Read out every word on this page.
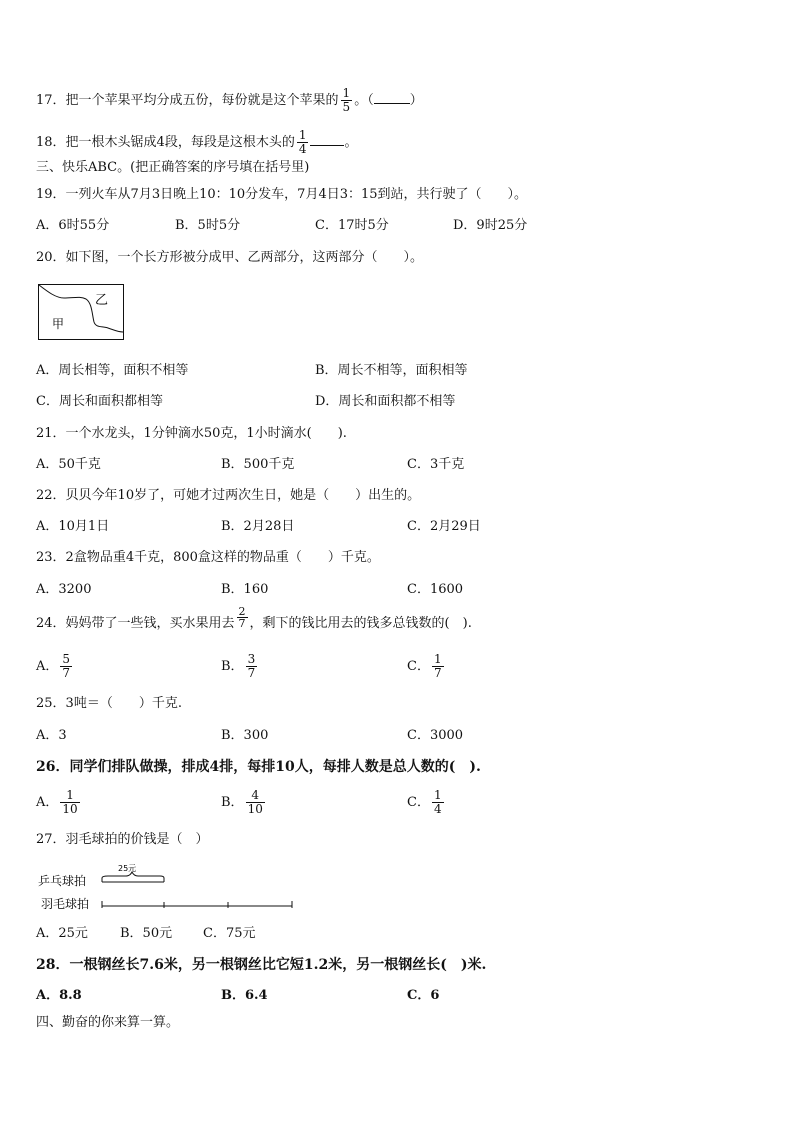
17．把一个苹果平均分成五份，每份就是这个苹果的 $\frac{1}{5}$ 。（	）
18．把一根木头锯成4段，每段是这根木头的 $\frac{1}{4}$	。
三、快乐ABC。(把正确答案的序号填在括号里)
19．一列火车从7月3日晚上10：10分发车，7月4日3：15到站，共行驶了（　　）。
A．6时55分	B．5时5分	C．17时5分	D．9时25分
20．如下图，一个长方形被分成甲、乙两部分，这两部分（　　）。
甲
乙
A．周长相等，面积不相等	B．周长不相等，面积相等
C．周长和面积都相等	D．周长和面积都不相等
21．一个水龙头，1分钟滴水50克，1小时滴水(　　).
A．50千克	B．500千克	C．3千克
22．贝贝今年10岁了，可她才过两次生日，她是（　　）出生的。
A．10月1日	B．2月28日	C．2月29日
23．2盒物品重4千克，800盒这样的物品重（　　）千克。
A．3200	B．160	C．1600
24．妈妈带了一些钱，买水果用去 $\frac{2}{7}$ ，剩下的钱比用去的钱多总钱数的(　).
A． $\frac{5}{7}$	B． $\frac{3}{7}$	C． $\frac{1}{7}$
25．3吨＝（　　）千克.
A．3	B．300	C．3000
26．同学们排队做操，排成4排，每排10人，每排人数是总人数的(　).
A． $\frac{1}{10}$	B． $\frac{4}{10}$	C． $\frac{1}{4}$
27．羽毛球拍的价钱是（　）
25元
乒乓球拍
羽毛球拍
A．25元 B．50元 C．75元
28．一根钢丝长7.6米，另一根钢丝比它短1.2米，另一根钢丝长(　)米.
A．8.8	B．6.4	C．6
四、勤奋的你来算一算。
